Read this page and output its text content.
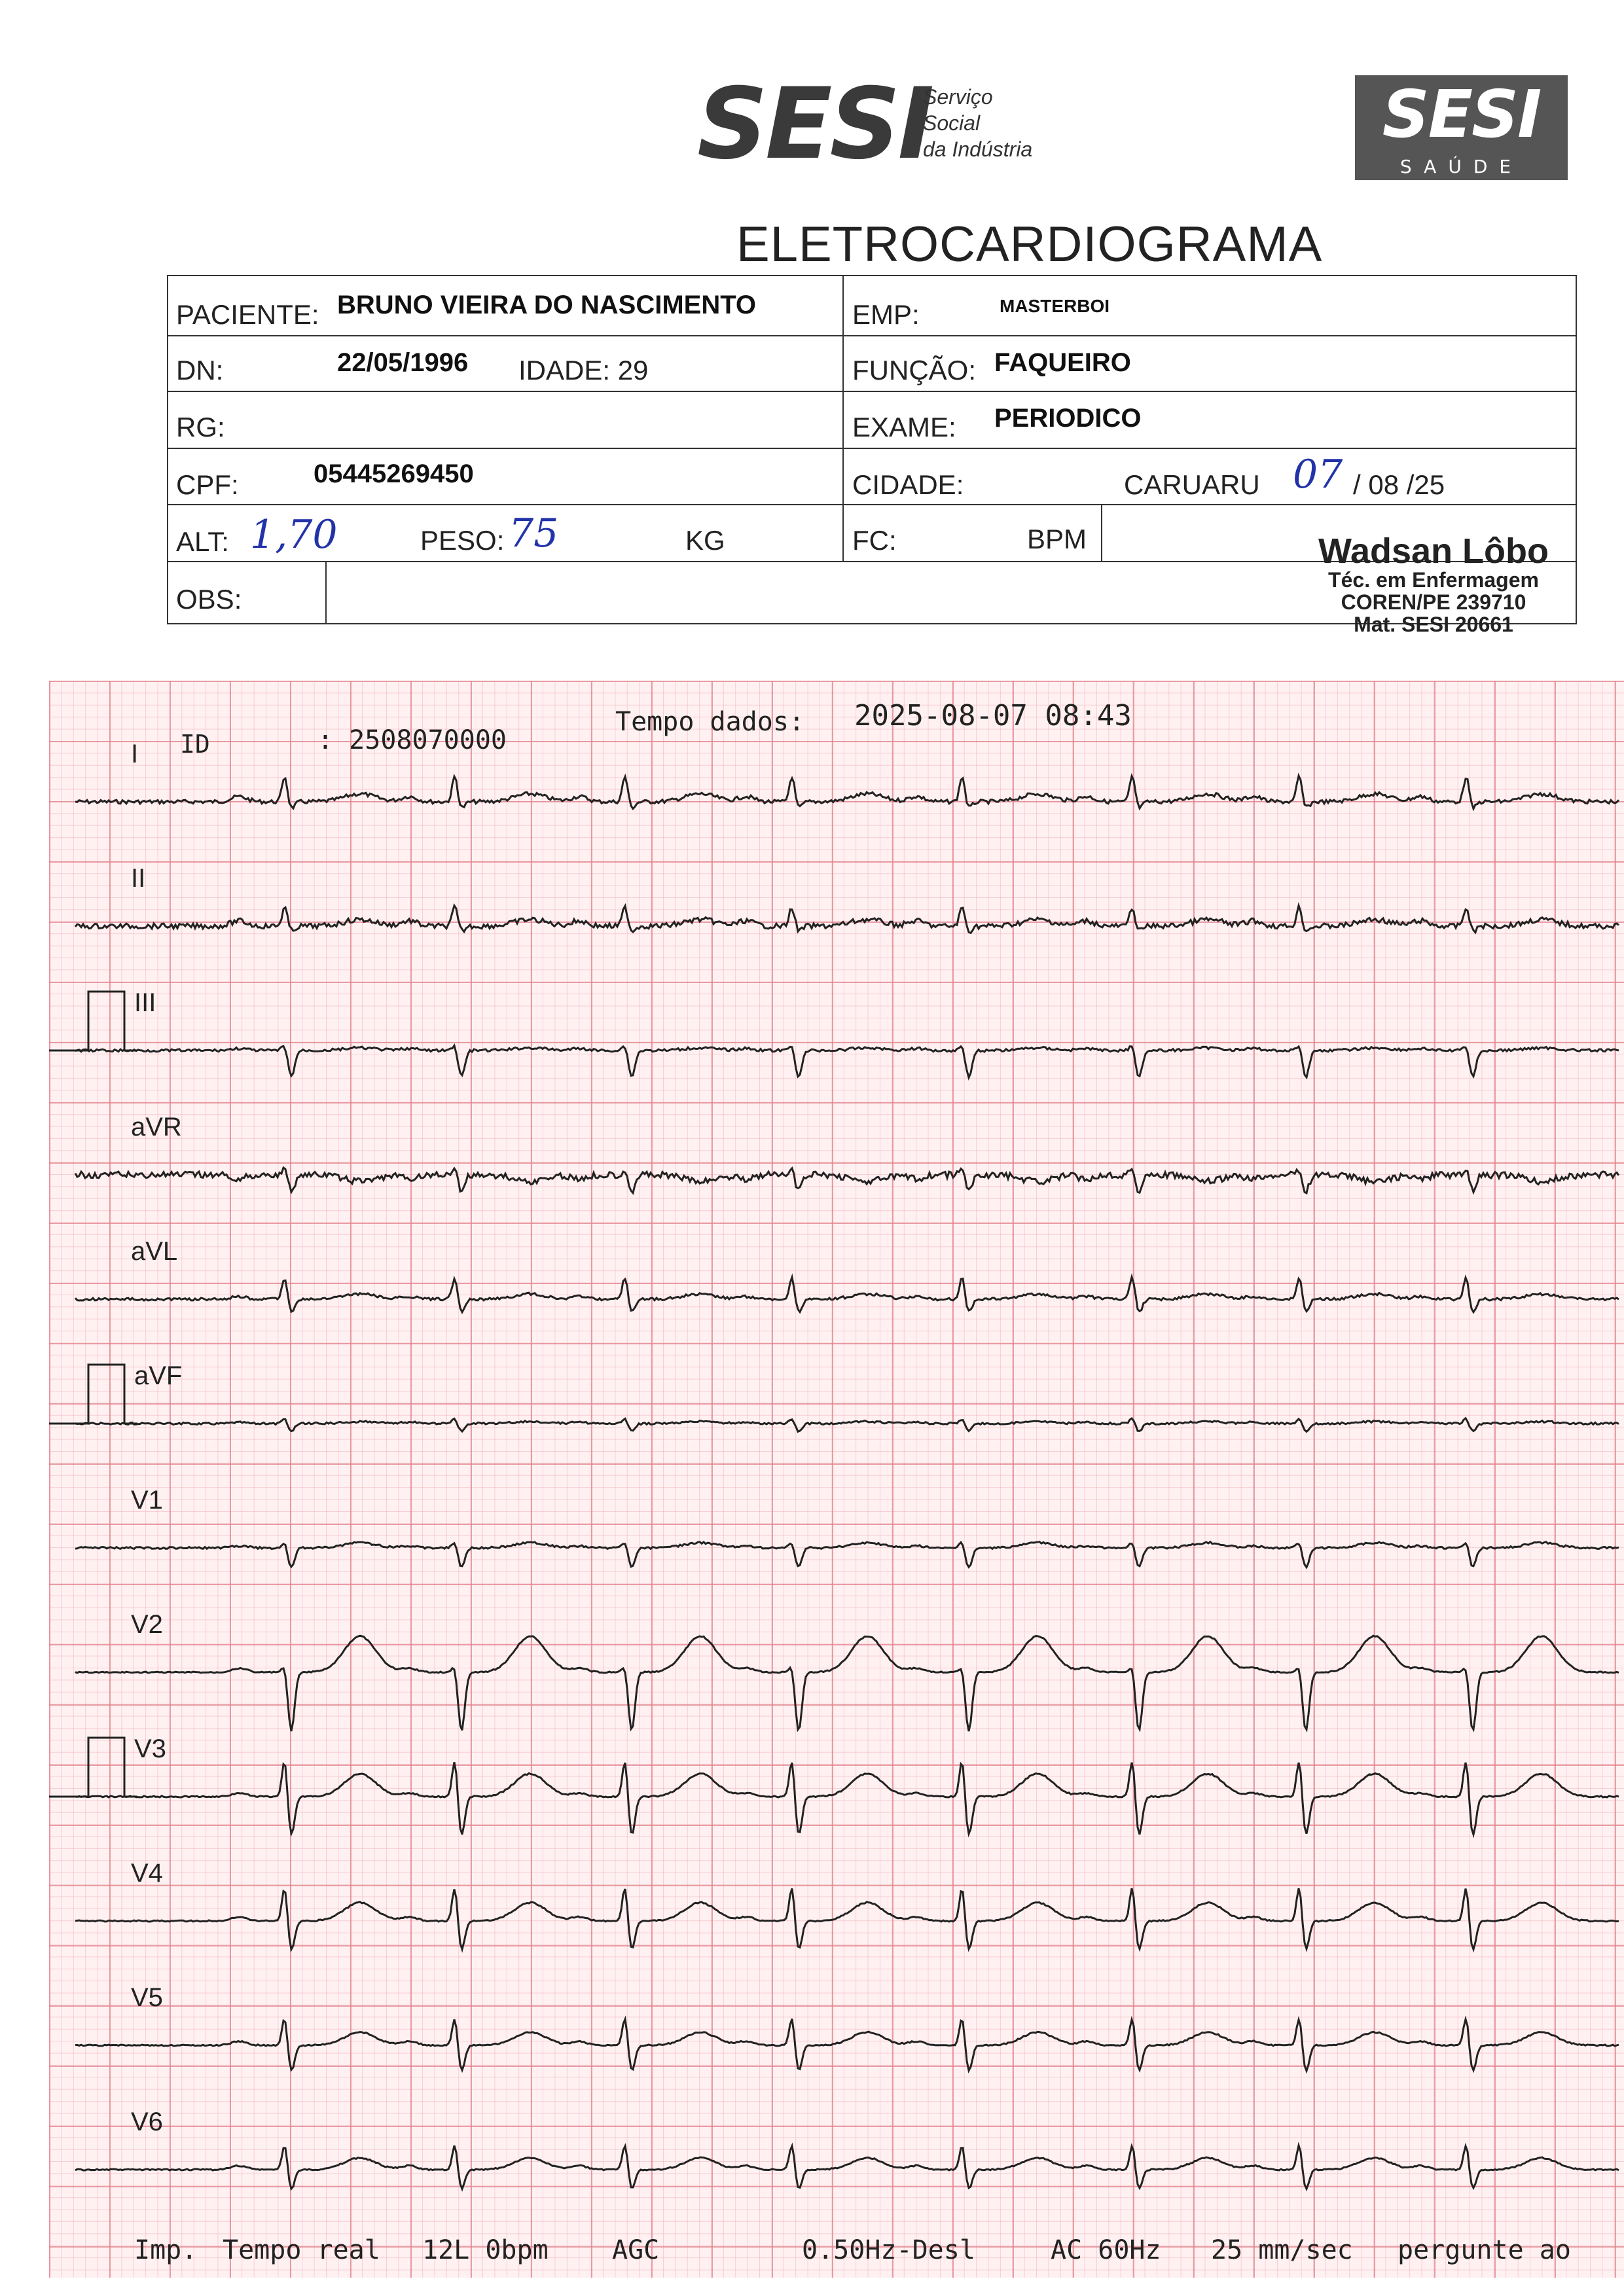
SESI
Serviço
Social
da Indústria	SESI
SAÚDE
ELETROCARDIOGRAMA
PACIENTE: BRUNO VIEIRA DO NASCIMENTO	EMP:	MASTERBOI
DN:	22/05/1996 IDADE: 29	FUNÇÃO: FAQUEIRO
RG:	EXAME: PERIODICO
CPF:	05445269450	CIDADE:	CARUARU 07 / 08 /25
ALT: 1,70	PESO: 75	KG	FC:	BPM
OBS:
Wadsan Lôbo
Téc. em Enfermagem
COREN/PE 239710
Mat. SESI 20661
ID	: 2508070000
Tempo dados: 2025-08-07 08:43
I
II
III
aVR
aVL
aVF
V1
V2
V3
V4
V5
V6
Imp. Tempo real 12L 0bpm AGC	0.50Hz-Desl	AC 60Hz 25 mm/sec pergunte ao
